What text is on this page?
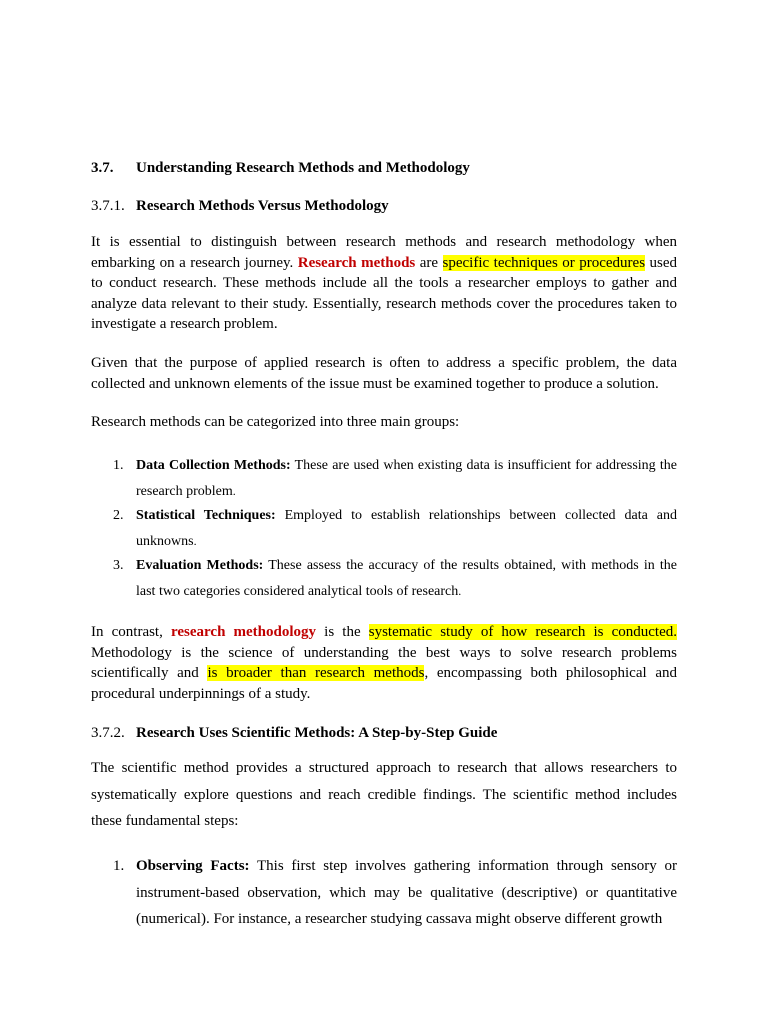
3.7. Understanding Research Methods and Methodology
3.7.1. Research Methods Versus Methodology

It is essential to distinguish between research methods and research methodology when embarking on a research journey. Research methods are specific techniques or procedures used to conduct research. These methods include all the tools a researcher employs to gather and analyze data relevant to their study. Essentially, research methods cover the procedures taken to investigate a research problem.

Given that the purpose of applied research is often to address a specific problem, the data collected and unknown elements of the issue must be examined together to produce a solution.

Research methods can be categorized into three main groups:

1. Data Collection Methods: These are used when existing data is insufficient for addressing the research problem.
2. Statistical Techniques: Employed to establish relationships between collected data and unknowns.
3. Evaluation Methods: These assess the accuracy of the results obtained, with methods in the last two categories considered analytical tools of research.

In contrast, research methodology is the systematic study of how research is conducted. Methodology is the science of understanding the best ways to solve research problems scientifically and is broader than research methods, encompassing both philosophical and procedural underpinnings of a study.

3.7.2. Research Uses Scientific Methods: A Step-by-Step Guide

The scientific method provides a structured approach to research that allows researchers to systematically explore questions and reach credible findings. The scientific method includes these fundamental steps:

1. Observing Facts: This first step involves gathering information through sensory or instrument-based observation, which may be qualitative (descriptive) or quantitative (numerical). For instance, a researcher studying cassava might observe different growth
